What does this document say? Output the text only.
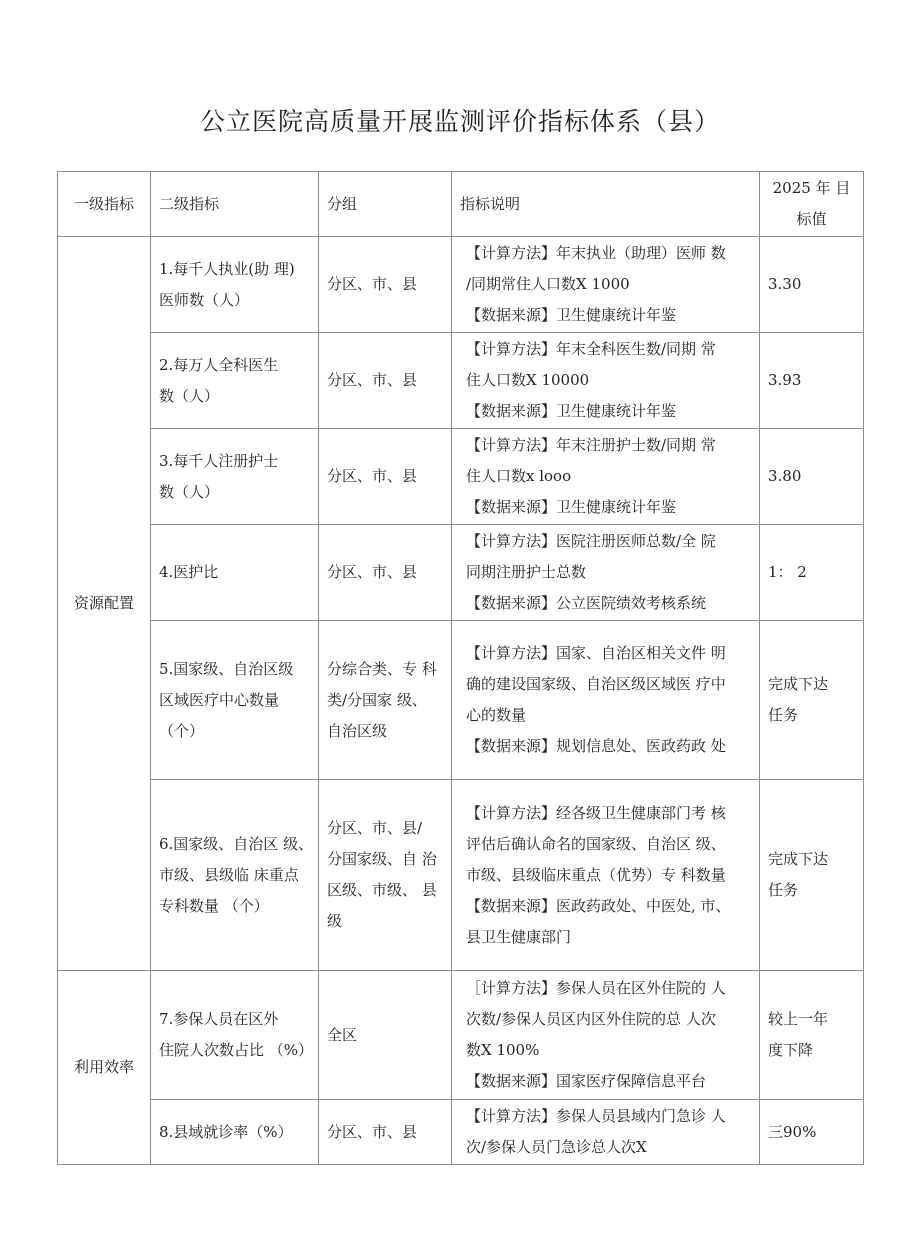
公立医院高质量开展监测评价指标体系（县）
一级指标	二级指标	分组	指标说明	2025 年 目
标值

资源配置	1.每千人执业(助 理)
医师数（人）	分区、市、县	【计算方法】年末执业（助理）医师 数
/同期常住人口数X 1000
【数据来源】卫生健康统计年鉴	3.30

	2.每万人全科医生
数（人）	分区、市、县	【计算方法】年末全科医生数/同期 常
住人口数X 10000
【数据来源】卫生健康统计年鉴	3.93

	3.每千人注册护士
数（人）	分区、市、县	【计算方法】年末注册护士数/同期 常
住人口数x looo
【数据来源】卫生健康统计年鉴	3.80

	4.医护比	分区、市、县	【计算方法】医院注册医师总数/全 院
同期注册护士总数
【数据来源】公立医院绩效考核系统	1： 2

	5.国家级、自治区级
区域医疗中心数量
（个）	分综合类、专 科
类/分国家 级、
自治区级	【计算方法】国家、自治区相关文件 明
确的建设国家级、自治区级区域医 疗中
心的数量
【数据来源】规划信息处、医政药政 处	完成下达
任务

	6.国家级、自治区 级、
市级、县级临 床重点
专科数量 （个）	分区、市、县/
分国家级、自 治
区级、市级、 县
级	【计算方法】经各级卫生健康部门考 核
评估后确认命名的国家级、自治区 级、
市级、县级临床重点（优势）专 科数量
【数据来源】医政药政处、中医处, 市、
县卫生健康部门	完成下达
任务

利用效率	7.参保人员在区外
住院人次数占比 （%）	全区	［计算方法】参保人员在区外住院的 人
次数/参保人员区内区外住院的总 人次
数X 100%
【数据来源】国家医疗保障信息平台	较上一年
度下降

	8.县域就诊率（%）	分区、市、县	【计算方法】参保人员县域内门急诊 人
次/参保人员门急诊总人次X	三90%
